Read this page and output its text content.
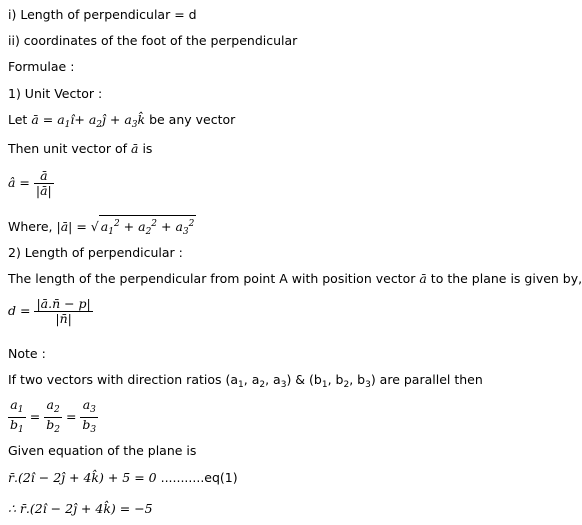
i) Length of perpendicular = d
ii) coordinates of the foot of the perpendicular
Formulae :
1) Unit Vector :
Let ā = $a_1î+$ $a_2ĵ$ + $a_3k̂$ be any vector
Then unit vector of ā is
â = $\frac{ā}{|ā|}$
Where, |ā| = √ $a_1^2 + a_2^2 + a_3^2$
2) Length of perpendicular :
The length of the perpendicular from point A with position vector ā to the plane is given by,
$d = \frac{|ā.n̄ - p|}{|n̄|}$
Note :
If two vectors with direction ratios ($a_1$, $a_2$, $a_3$) & ($b_1$, $b_2$, $b_3$) are parallel then
$\frac{a_1}{b_1} = \frac{a_2}{b_2} = \frac{a_3}{b_3}$
Given equation of the plane is
r̄.(2î − 2ĵ + 4k̂) + 5 = 0 ...........eq(1)
∴ r̄.(2î − 2ĵ + 4k̂) = −5
